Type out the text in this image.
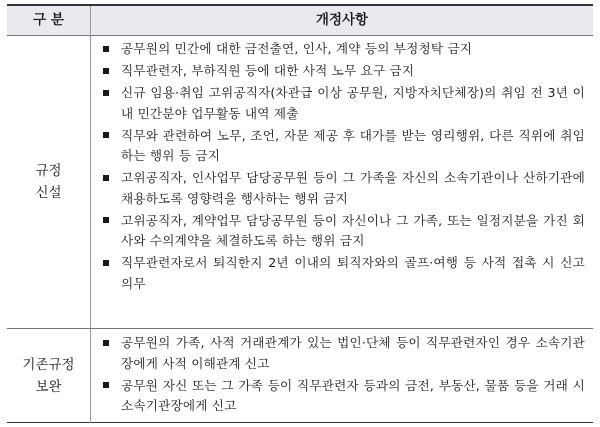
구 분	개정사항
규정
신설
공무원의 민간에 대한 금전출연, 인사, 계약 등의 부정청탁 금지
직무관련자, 부하직원 등에 대한 사적 노무 요구 금지
신규 임용·취임 고위공직자(차관급 이상 공무원, 지방자치단체장)의 취임 전 3년 이내 민간분야 업무활동 내역 제출
직무와 관련하여 노무, 조언, 자문 제공 후 대가를 받는 영리행위, 다른 직위에 취임하는 행위 등 금지
고위공직자, 인사업무 담당공무원 등이 그 가족을 자신의 소속기관이나 산하기관에 채용하도록 영향력을 행사하는 행위 금지
고위공직자, 계약업무 담당공무원 등이 자신이나 그 가족, 또는 일정지분을 가진 회사와 수의계약을 체결하도록 하는 행위 금지
직무관련자로서 퇴직한지 2년 이내의 퇴직자와의 골프·여행 등 사적 접촉 시 신고 의무
기존규정
보완
공무원의 가족, 사적 거래관계가 있는 법인·단체 등이 직무관련자인 경우 소속기관장에게 사적 이해관계 신고
공무원 자신 또는 그 가족 등이 직무관련자 등과의 금전, 부동산, 물품 등을 거래 시 소속기관장에게 신고
